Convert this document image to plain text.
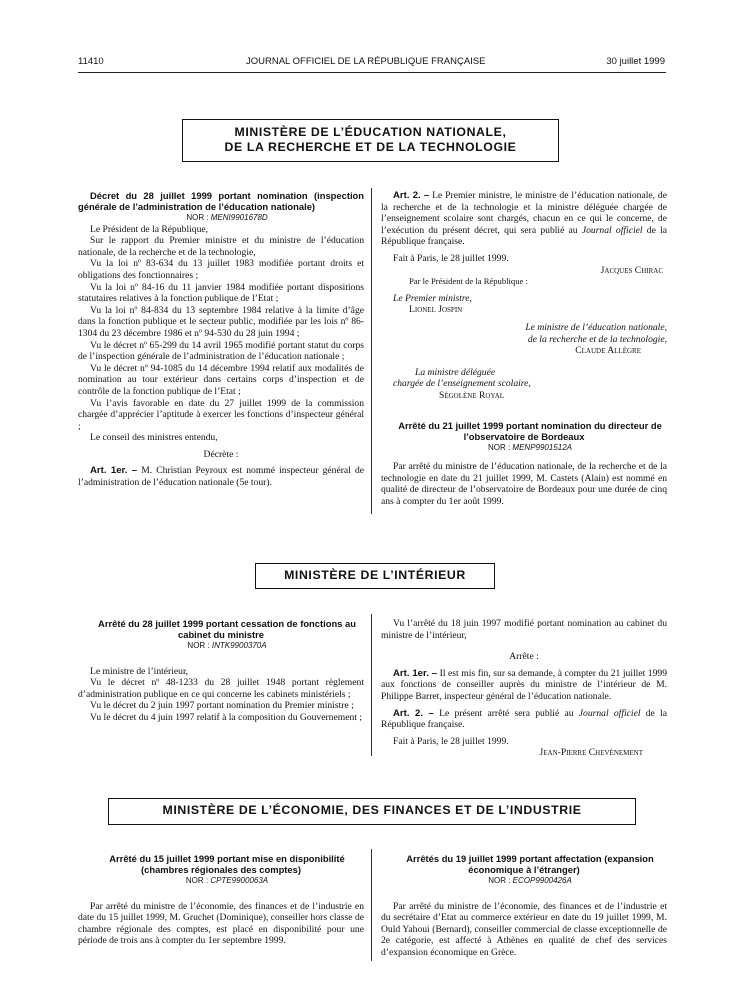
11410	JOURNAL OFFICIEL DE LA RÉPUBLIQUE FRANÇAISE	30 juillet 1999
MINISTÈRE DE L’ÉDUCATION NATIONALE,
DE LA RECHERCHE ET DE LA TECHNOLOGIE

Décret du 28 juillet 1999 portant nomination (inspection générale de l’administration de l’éducation nationale)

NOR : MENI9901678D

Le Président de la République,

Sur le rapport du Premier ministre et du ministre de l’éducation nationale, de la recherche et de la technologie,

Vu la loi nº 83-634 du 13 juillet 1983 modifiée portant droits et obligations des fonctionnaires ;

Vu la loi nº 84-16 du 11 janvier 1984 modifiée portant dispositions statutaires relatives à la fonction publique de l’Etat ;

Vu la loi nº 84-834 du 13 septembre 1984 relative à la limite d’âge dans la fonction publique et le secteur public, modifiée par les lois nº 86-1304 du 23 décembre 1986 et nº 94-530 du 28 juin 1994 ;

Vu le décret nº 65-299 du 14 avril 1965 modifié portant statut du corps de l’inspection générale de l’administration de l’éducation nationale ;

Vu le décret nº 94-1085 du 14 décembre 1994 relatif aux modalités de nomination au tour extérieur dans certains corps d’inspection et de contrôle de la fonction publique de l’Etat ;

Vu l’avis favorable en date du 27 juillet 1999 de la commission chargée d’apprécier l’aptitude à exercer les fonctions d’inspecteur général ;

Le conseil des ministres entendu,

Décrète :

Art. 1er. – M. Christian Peyroux est nommé inspecteur général de l’administration de l’éducation nationale (5e tour).

Art. 2. – Le Premier ministre, le ministre de l’éducation nationale, de la recherche et de la technologie et la ministre déléguée chargée de l’enseignement scolaire sont chargés, chacun en ce qui le concerne, de l’exécution du présent décret, qui sera publié au Journal officiel de la République française.

Fait à Paris, le 28 juillet 1999.

Jacques Chirac

Par le Président de la République :

Le Premier ministre,

Lionel Jospin

Le ministre de l’éducation nationale,

de la recherche et de la technologie,

Claude Allègre

La ministre déléguée

chargée de l’enseignement scolaire,

Ségolène Royal

Arrêté du 21 juillet 1999 portant nomination du directeur de l’observatoire de Bordeaux

NOR : MENP9901512A

Par arrêté du ministre de l’éducation nationale, de la recherche et de la technologie en date du 21 juillet 1999, M. Castets (Alain) est nommé en qualité de directeur de l’observatoire de Bordeaux pour une durée de cinq ans à compter du 1er août 1999.

MINISTÈRE DE L’INTÉRIEUR

Arrêté du 28 juillet 1999 portant cessation de fonctions au cabinet du ministre

NOR : INTK9900370A

Le ministre de l’intérieur,

Vu le décret nº 48-1233 du 28 juillet 1948 portant règlement d’administration publique en ce qui concerne les cabinets ministériels ;

Vu le décret du 2 juin 1997 portant nomination du Premier ministre ;

Vu le décret du 4 juin 1997 relatif à la composition du Gouvernement ;

Vu l’arrêté du 18 juin 1997 modifié portant nomination au cabinet du ministre de l’intérieur,

Arrête :

Art. 1er. – Il est mis fin, sur sa demande, à compter du 21 juillet 1999 aux fonctions de conseiller auprès du ministre de l’intérieur de M. Philippe Barret, inspecteur général de l’éducation nationale.

Art. 2. – Le présent arrêté sera publié au Journal officiel de la République française.

Fait à Paris, le 28 juillet 1999.

Jean-Pierre Chevènement

MINISTÈRE DE L’ÉCONOMIE, DES FINANCES ET DE L’INDUSTRIE

Arrêté du 15 juillet 1999 portant mise en disponibilité (chambres régionales des comptes)

NOR : CPTE9900063A

Par arrêté du ministre de l’économie, des finances et de l’industrie en date du 15 juillet 1999, M. Gruchet (Dominique), conseiller hors classe de chambre régionale des comptes, est placé en disponibilité pour une période de trois ans à compter du 1er septembre 1999.

Arrêtés du 19 juillet 1999 portant affectation (expansion économique à l’étranger)

NOR : ECOP9900426A

Par arrêté du ministre de l’économie, des finances et de l’industrie et du secrétaire d’Etat au commerce extérieur en date du 19 juillet 1999, M. Ould Yahoui (Bernard), conseiller commercial de classe exceptionnelle de 2e catégorie, est affecté à Athènes en qualité de chef des services d’expansion économique en Grèce.
